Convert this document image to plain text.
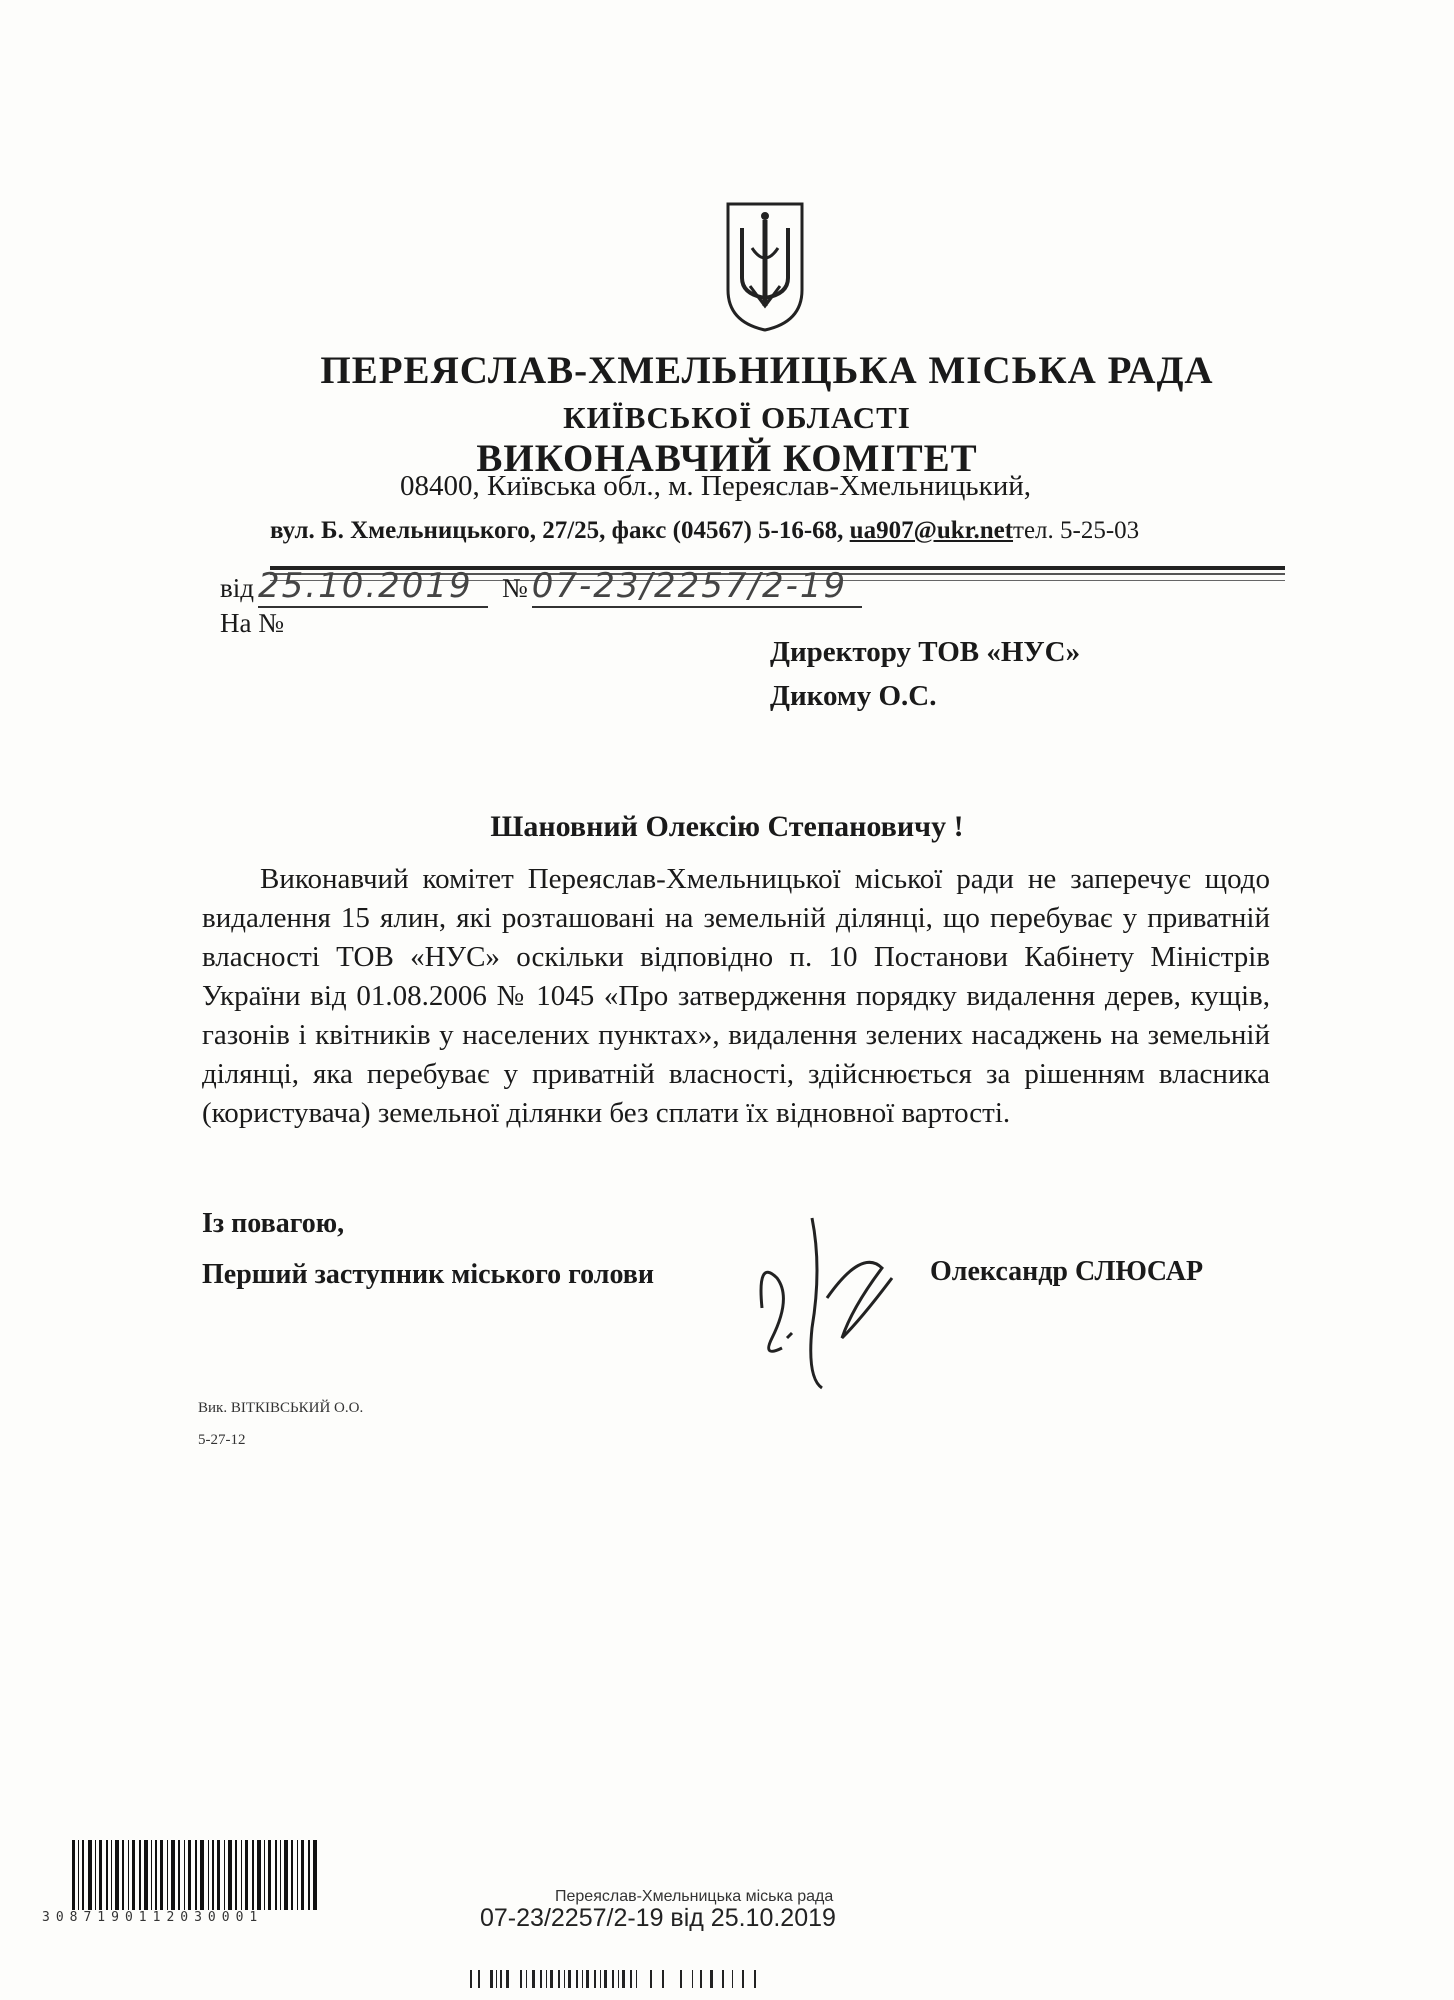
ПЕРЕЯСЛАВ-ХМЕЛЬНИЦЬКА МІСЬКА РАДА
КИЇВСЬКОЇ ОБЛАСТІ
ВИКОНАВЧИЙ КОМІТЕТ
08400, Київська обл., м. Переяслав-Хмельницький,
вул. Б. Хмельницького, 27/25, факс (04567) 5-16-68, ua907@ukr.netтел. 5-25-03
від 25.10.2019 № 07-23/2257/2-19
На №
Директору ТОВ «НУС»
Дикому О.С.
Шановний Олексію Степановичу !

Виконавчий комітет Переяслав-Хмельницької міської ради не заперечує щодо видалення 15 ялин, які розташовані на земельній ділянці, що перебуває у приватній власності ТОВ «НУС» оскільки відповідно п. 10 Постанови Кабінету Міністрів України від 01.08.2006 № 1045 «Про затвердження порядку видалення дерев, кущів, газонів і квітників у населених пунктах», видалення зелених насаджень на земельній ділянці, яка перебуває у приватній власності, здійснюється за рішенням власника (користувача) земельної ділянки без сплати їх відновної вартості.

Із повагою,
Перший заступник міського голови	Олександр СЛЮСАР
Вик. ВІТКІВСЬКИЙ О.О.
5-27-12
3087190112030001
Переяслав-Хмельницька міська рада
07-23/2257/2-19 від 25.10.2019
